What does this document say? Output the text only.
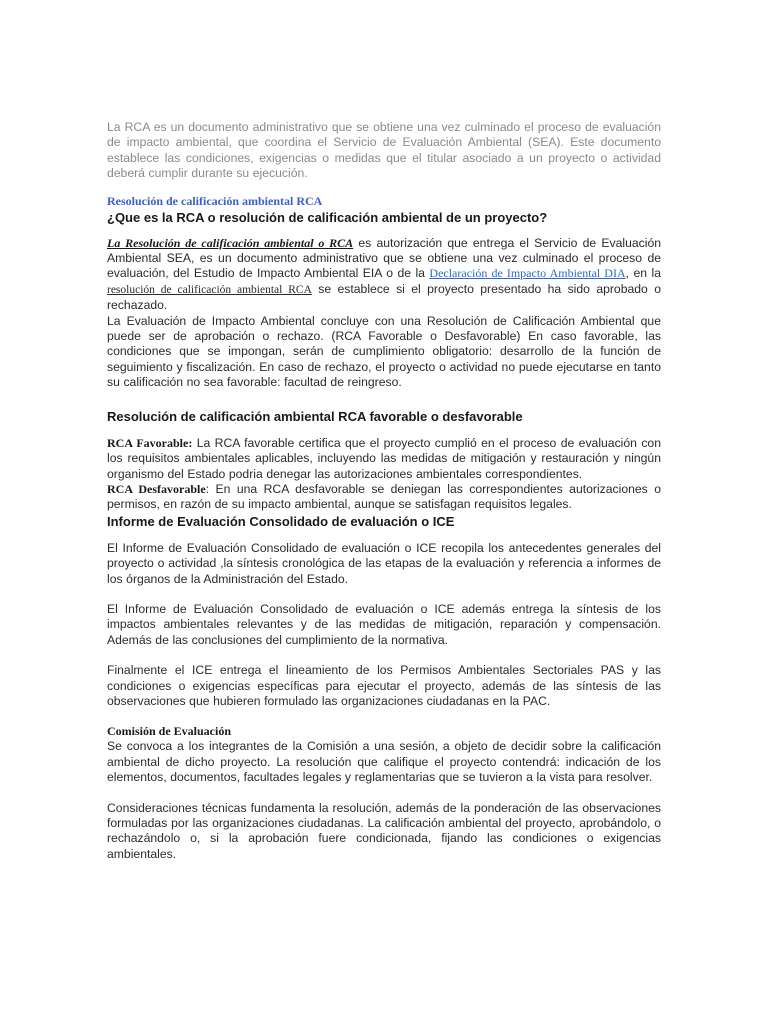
La RCA es un documento administrativo que se obtiene una vez culminado el proceso de evaluación de impacto ambiental, que coordina el Servicio de Evaluación Ambiental (SEA). Este documento establece las condiciones, exigencias o medidas que el titular asociado a un proyecto o actividad deberá cumplir durante su ejecución.

Resolución de calificación ambiental RCA
¿Que es la RCA o resolución de calificación ambiental de un proyecto?

La Resolución de calificación ambiental o RCA es autorización que entrega el Servicio de Evaluación Ambiental SEA, es un documento administrativo que se obtiene una vez culminado el proceso de evaluación, del Estudio de Impacto Ambiental EIA o de la Declaración de Impacto Ambiental DIA, en la resolución de calificación ambiental RCA se establece si el proyecto presentado ha sido aprobado o rechazado.

La Evaluación de Impacto Ambiental concluye con una Resolución de Calificación Ambiental que puede ser de aprobación o rechazo. (RCA Favorable o Desfavorable) En caso favorable, las condiciones que se impongan, serán de cumplimiento obligatorio: desarrollo de la función de seguimiento y fiscalización. En caso de rechazo, el proyecto o actividad no puede ejecutarse en tanto su calificación no sea favorable: facultad de reingreso.

Resolución de calificación ambiental RCA favorable o desfavorable

RCA Favorable: La RCA favorable certifica que el proyecto cumplió en el proceso de evaluación con los requisitos ambientales aplicables, incluyendo las medidas de mitigación y restauración y ningún organismo del Estado podria denegar las autorizaciones ambientales correspondientes.

RCA Desfavorable: En una RCA desfavorable se deniegan las correspondientes autorizaciones o permisos, en razón de su impacto ambiental, aunque se satisfagan requisitos legales.

Informe de Evaluación Consolidado de evaluación o ICE

El Informe de Evaluación Consolidado de evaluación o ICE recopila los antecedentes generales del proyecto o actividad ,la síntesis cronológica de las etapas de la evaluación y referencia a informes de los órganos de la Administración del Estado.

El Informe de Evaluación Consolidado de evaluación o ICE además entrega la síntesis de los impactos ambientales relevantes y de las medidas de mitigación, reparación y compensación. Además de las conclusiones del cumplimiento de la normativa.

Finalmente el ICE entrega el lineamiento de los Permisos Ambientales Sectoriales PAS y las condiciones o exigencias específicas para ejecutar el proyecto, además de las síntesis de las observaciones que hubieren formulado las organizaciones ciudadanas en la PAC.

Comisión de Evaluación

Se convoca a los integrantes de la Comisión a una sesión, a objeto de decidir sobre la calificación ambiental de dicho proyecto. La resolución que califique el proyecto contendrá: indicación de los elementos, documentos, facultades legales y reglamentarias que se tuvieron a la vista para resolver.

Consideraciones técnicas fundamenta la resolución, además de la ponderación de las observaciones formuladas por las organizaciones ciudadanas. La calificación ambiental del proyecto, aprobándolo, o rechazándolo o, si la aprobación fuere condicionada, fijando las condiciones o exigencias ambientales.
